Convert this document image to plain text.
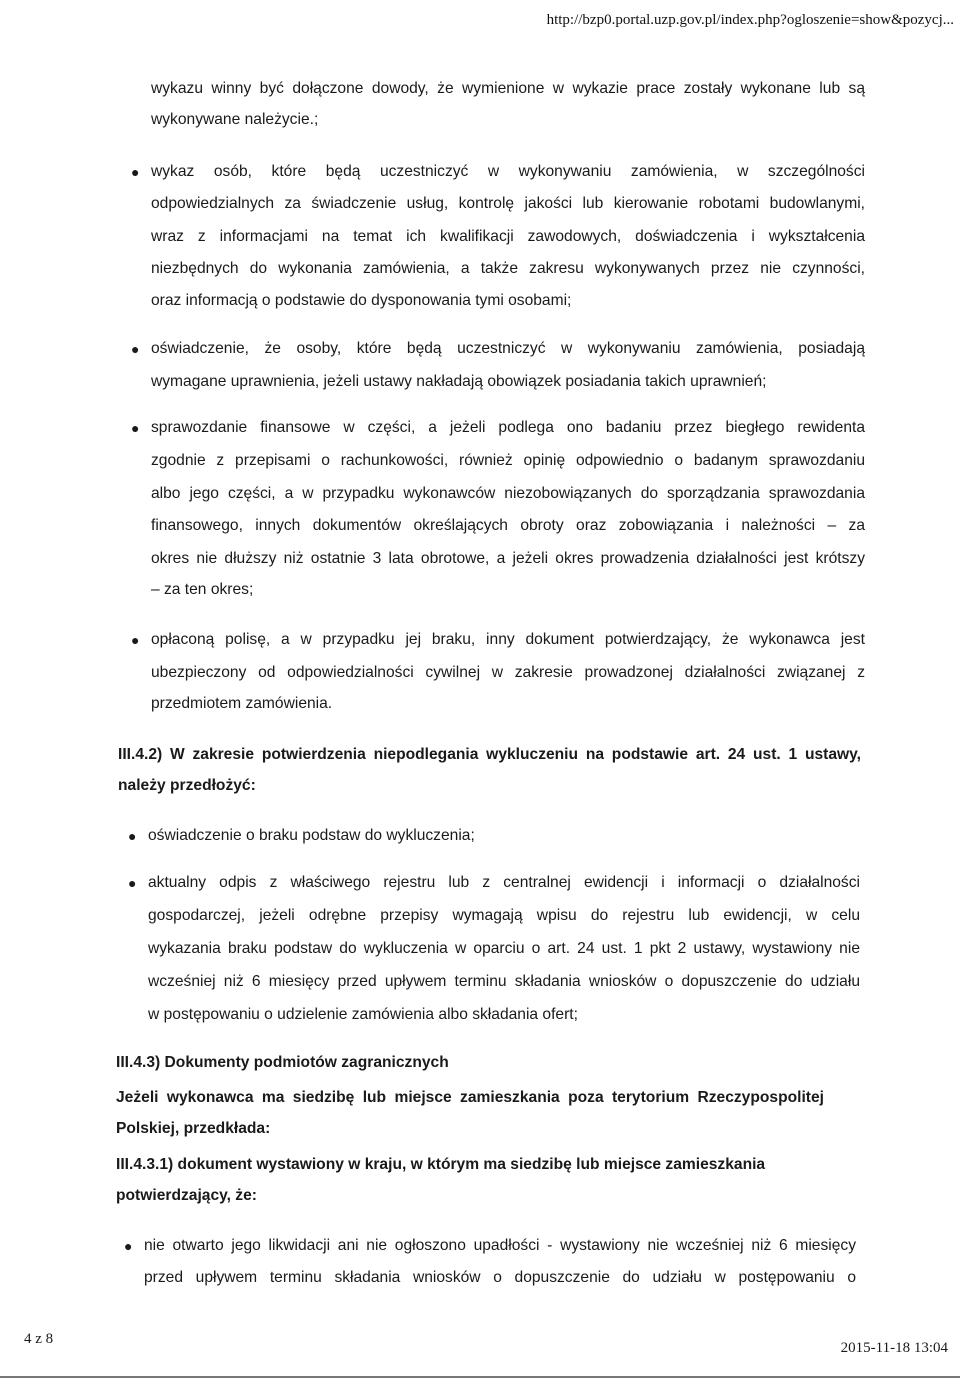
http://bzp0.portal.uzp.gov.pl/index.php?ogloszenie=show&pozycj...
wykazu winny być dołączone dowody, że wymienione w wykazie prace zostały wykonane lub są
wykonywane należycie.;
● wykaz osób, które będą uczestniczyć w wykonywaniu zamówienia, w szczególności
odpowiedzialnych za świadczenie usług, kontrolę jakości lub kierowanie robotami budowlanymi,
wraz z informacjami na temat ich kwalifikacji zawodowych, doświadczenia i wykształcenia
niezbędnych do wykonania zamówienia, a także zakresu wykonywanych przez nie czynności,
oraz informacją o podstawie do dysponowania tymi osobami;
● oświadczenie, że osoby, które będą uczestniczyć w wykonywaniu zamówienia, posiadają
wymagane uprawnienia, jeżeli ustawy nakładają obowiązek posiadania takich uprawnień;
● sprawozdanie finansowe w części, a jeżeli podlega ono badaniu przez biegłego rewidenta
zgodnie z przepisami o rachunkowości, również opinię odpowiednio o badanym sprawozdaniu
albo jego części, a w przypadku wykonawców niezobowiązanych do sporządzania sprawozdania
finansowego, innych dokumentów określających obroty oraz zobowiązania i należności – za
okres nie dłuższy niż ostatnie 3 lata obrotowe, a jeżeli okres prowadzenia działalności jest krótszy
– za ten okres;
● opłaconą polisę, a w przypadku jej braku, inny dokument potwierdzający, że wykonawca jest
ubezpieczony od odpowiedzialności cywilnej w zakresie prowadzonej działalności związanej z
przedmiotem zamówienia.
III.4.2) W zakresie potwierdzenia niepodlegania wykluczeniu na podstawie art. 24 ust. 1 ustawy,
należy przedłożyć:
● oświadczenie o braku podstaw do wykluczenia;
● aktualny odpis z właściwego rejestru lub z centralnej ewidencji i informacji o działalności
gospodarczej, jeżeli odrębne przepisy wymagają wpisu do rejestru lub ewidencji, w celu
wykazania braku podstaw do wykluczenia w oparciu o art. 24 ust. 1 pkt 2 ustawy, wystawiony nie
wcześniej niż 6 miesięcy przed upływem terminu składania wniosków o dopuszczenie do udziału
w postępowaniu o udzielenie zamówienia albo składania ofert;
III.4.3) Dokumenty podmiotów zagranicznych
Jeżeli wykonawca ma siedzibę lub miejsce zamieszkania poza terytorium Rzeczypospolitej
Polskiej, przedkłada:
III.4.3.1) dokument wystawiony w kraju, w którym ma siedzibę lub miejsce zamieszkania
potwierdzający, że:
● nie otwarto jego likwidacji ani nie ogłoszono upadłości - wystawiony nie wcześniej niż 6 miesięcy
przed upływem terminu składania wniosków o dopuszczenie do udziału w postępowaniu o
4 z 8
2015-11-18 13:04
